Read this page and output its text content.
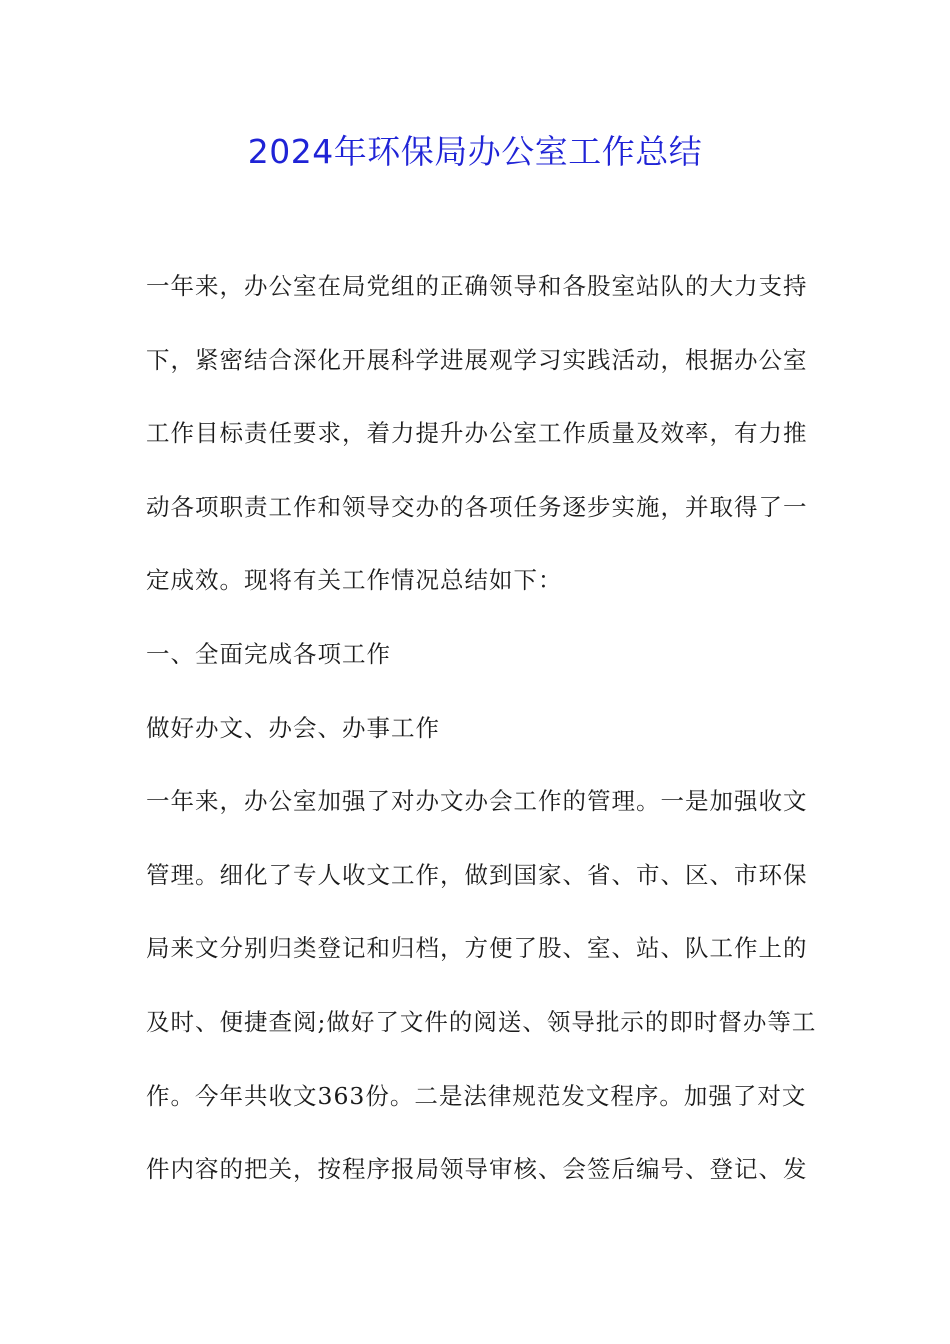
2024年环保局办公室工作总结
一年来，办公室在局党组的正确领导和各股室站队的大力支持
下，紧密结合深化开展科学进展观学习实践活动，根据办公室
工作目标责任要求，着力提升办公室工作质量及效率，有力推
动各项职责工作和领导交办的各项任务逐步实施，并取得了一
定成效。现将有关工作情况总结如下：
一、全面完成各项工作
做好办文、办会、办事工作
一年来，办公室加强了对办文办会工作的管理。一是加强收文
管理。细化了专人收文工作，做到国家、省、市、区、市环保
局来文分别归类登记和归档，方便了股、室、站、队工作上的
及时、便捷查阅;做好了文件的阅送、领导批示的即时督办等工
作。今年共收文363份。二是法律规范发文程序。加强了对文
件内容的把关，按程序报局领导审核、会签后编号、登记、发
